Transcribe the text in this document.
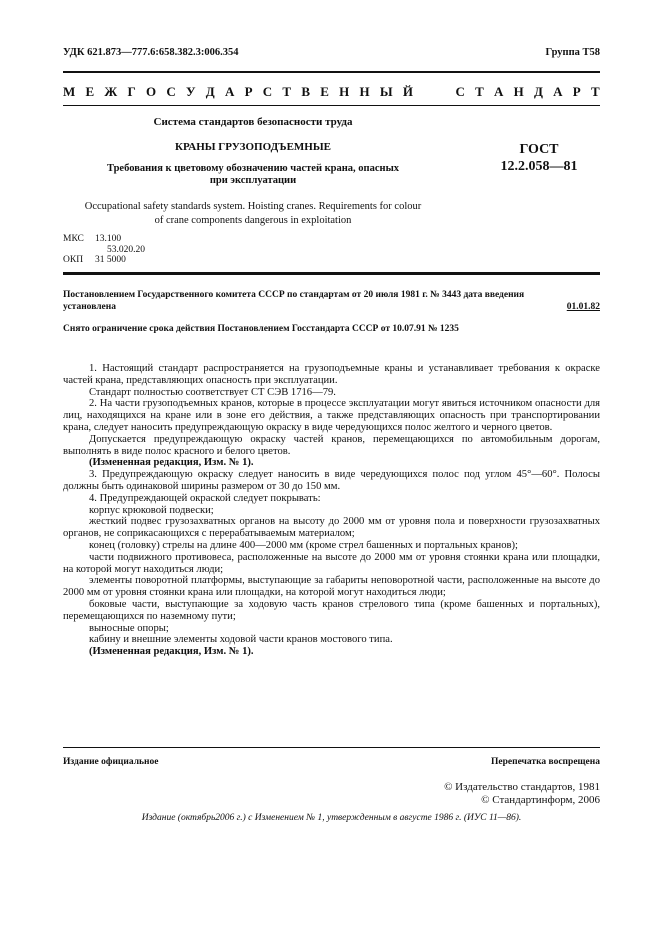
УДК 621.873—777.6:658.382.3:006.354	Группа Т58
М Е Ж Г О С У Д А Р С Т В Е Н Н Ы Й	С Т А Н Д А Р Т
Система стандартов безопасности труда
КРАНЫ ГРУЗОПОДЪЕМНЫЕ
Требования к цветовому обозначению частей крана, опасных
при эксплуатации
ГОСТ
12.2.058—81
Occupational safety standards system. Hoisting cranes. Requirements for colour
of crane components dangerous in exploitation
МКС 13.100
53.020.20
ОКП 31 5000
Постановлением Государственного комитета СССР по стандартам от 20 июля 1981 г. № 3443 дата введения
установлена	01.01.82
Снято ограничение срока действия Постановлением Госстандарта СССР от 10.07.91 № 1235

1. Настоящий стандарт распространяется на грузоподъемные краны и устанавливает требования к окраске частей крана, представляющих опасность при эксплуатации.

Стандарт полностью соответствует СТ СЭВ 1716—79.

2. На части грузоподъемных кранов, которые в процессе эксплуатации могут явиться источником опасности для лиц, находящихся на кране или в зоне его действия, а также представляющих опасность при транспортировании крана, следует наносить предупреждающую окраску в виде чередующихся полос желтого и черного цветов.

Допускается предупреждающую окраску частей кранов, перемещающихся по автомобильным дорогам, выполнять в виде полос красного и белого цветов.

(Измененная редакция, Изм. № 1).

3. Предупреждающую окраску следует наносить в виде чередующихся полос под углом 45°—60°. Полосы должны быть одинаковой ширины размером от 30 до 150 мм.

4. Предупреждающей окраской следует покрывать:

корпус крюковой подвески;

жесткий подвес грузозахватных органов на высоту до 2000 мм от уровня пола и поверхности грузозахватных органов, не соприкасающихся с перерабатываемым материалом;

конец (головку) стрелы на длине 400—2000 мм (кроме стрел башенных и портальных кранов);

части подвижного противовеса, расположенные на высоте до 2000 мм от уровня стоянки крана или площадки, на которой могут находиться люди;

элементы поворотной платформы, выступающие за габариты неповоротной части, расположенные на высоте до 2000 мм от уровня стоянки крана или площадки, на которой могут находиться люди;

боковые части, выступающие за ходовую часть кранов стрелового типа (кроме башенных и портальных), перемещающихся по наземному пути;

выносные опоры;

кабину и внешние элементы ходовой части кранов мостового типа.

(Измененная редакция, Изм. № 1).

Издание официальное	Перепечатка воспрещена
© Издательство стандартов, 1981
© Стандартинформ, 2006
Издание (октябрь2006 г.) с Изменением № 1, утвержденным в августе 1986 г. (ИУС 11—86).
